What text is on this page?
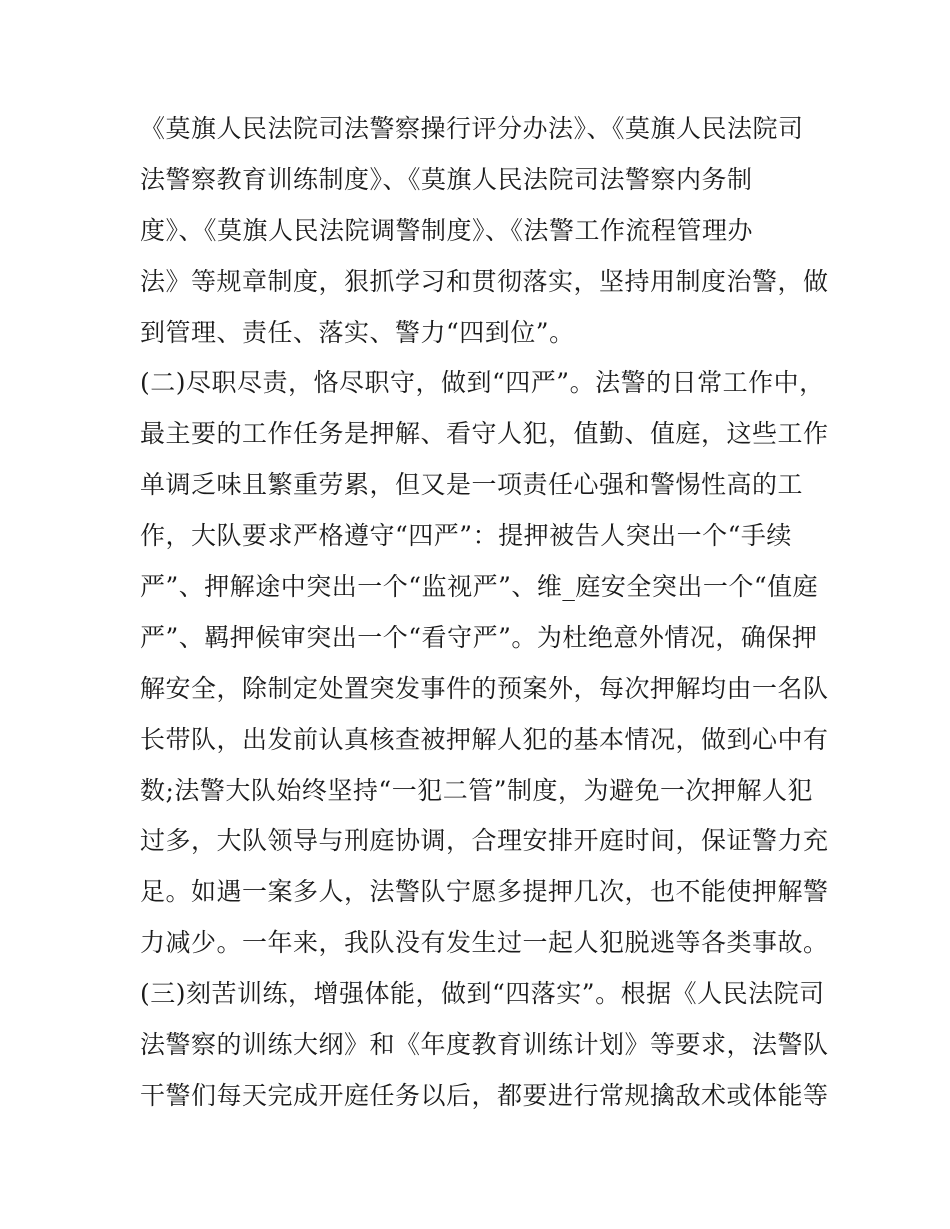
《莫旗人民法院司法警察操行评分办法》、《莫旗人民法院司
法警察教育训练制度》、《莫旗人民法院司法警察内务制
度》、《莫旗人民法院调警制度》、《法警工作流程管理办
法》等规章制度，狠抓学习和贯彻落实，坚持用制度治警，做
到管理、责任、落实、警力“四到位”。
(二)尽职尽责，恪尽职守，做到“四严”。法警的日常工作中，
最主要的工作任务是押解、看守人犯，值勤、值庭，这些工作
单调乏味且繁重劳累，但又是一项责任心强和警惕性高的工
作，大队要求严格遵守“四严”：提押被告人突出一个“手续
严”、押解途中突出一个“监视严”、维_庭安全突出一个“值庭
严”、羁押候审突出一个“看守严”。为杜绝意外情况，确保押
解安全，除制定处置突发事件的预案外，每次押解均由一名队
长带队，出发前认真核查被押解人犯的基本情况，做到心中有
数;法警大队始终坚持“一犯二管”制度，为避免一次押解人犯
过多，大队领导与刑庭协调，合理安排开庭时间，保证警力充
足。如遇一案多人，法警队宁愿多提押几次，也不能使押解警
力减少。一年来，我队没有发生过一起人犯脱逃等各类事故。
(三)刻苦训练，增强体能，做到“四落实”。根据《人民法院司
法警察的训练大纲》和《年度教育训练计划》等要求，法警队
干警们每天完成开庭任务以后，都要进行常规擒敌术或体能等
